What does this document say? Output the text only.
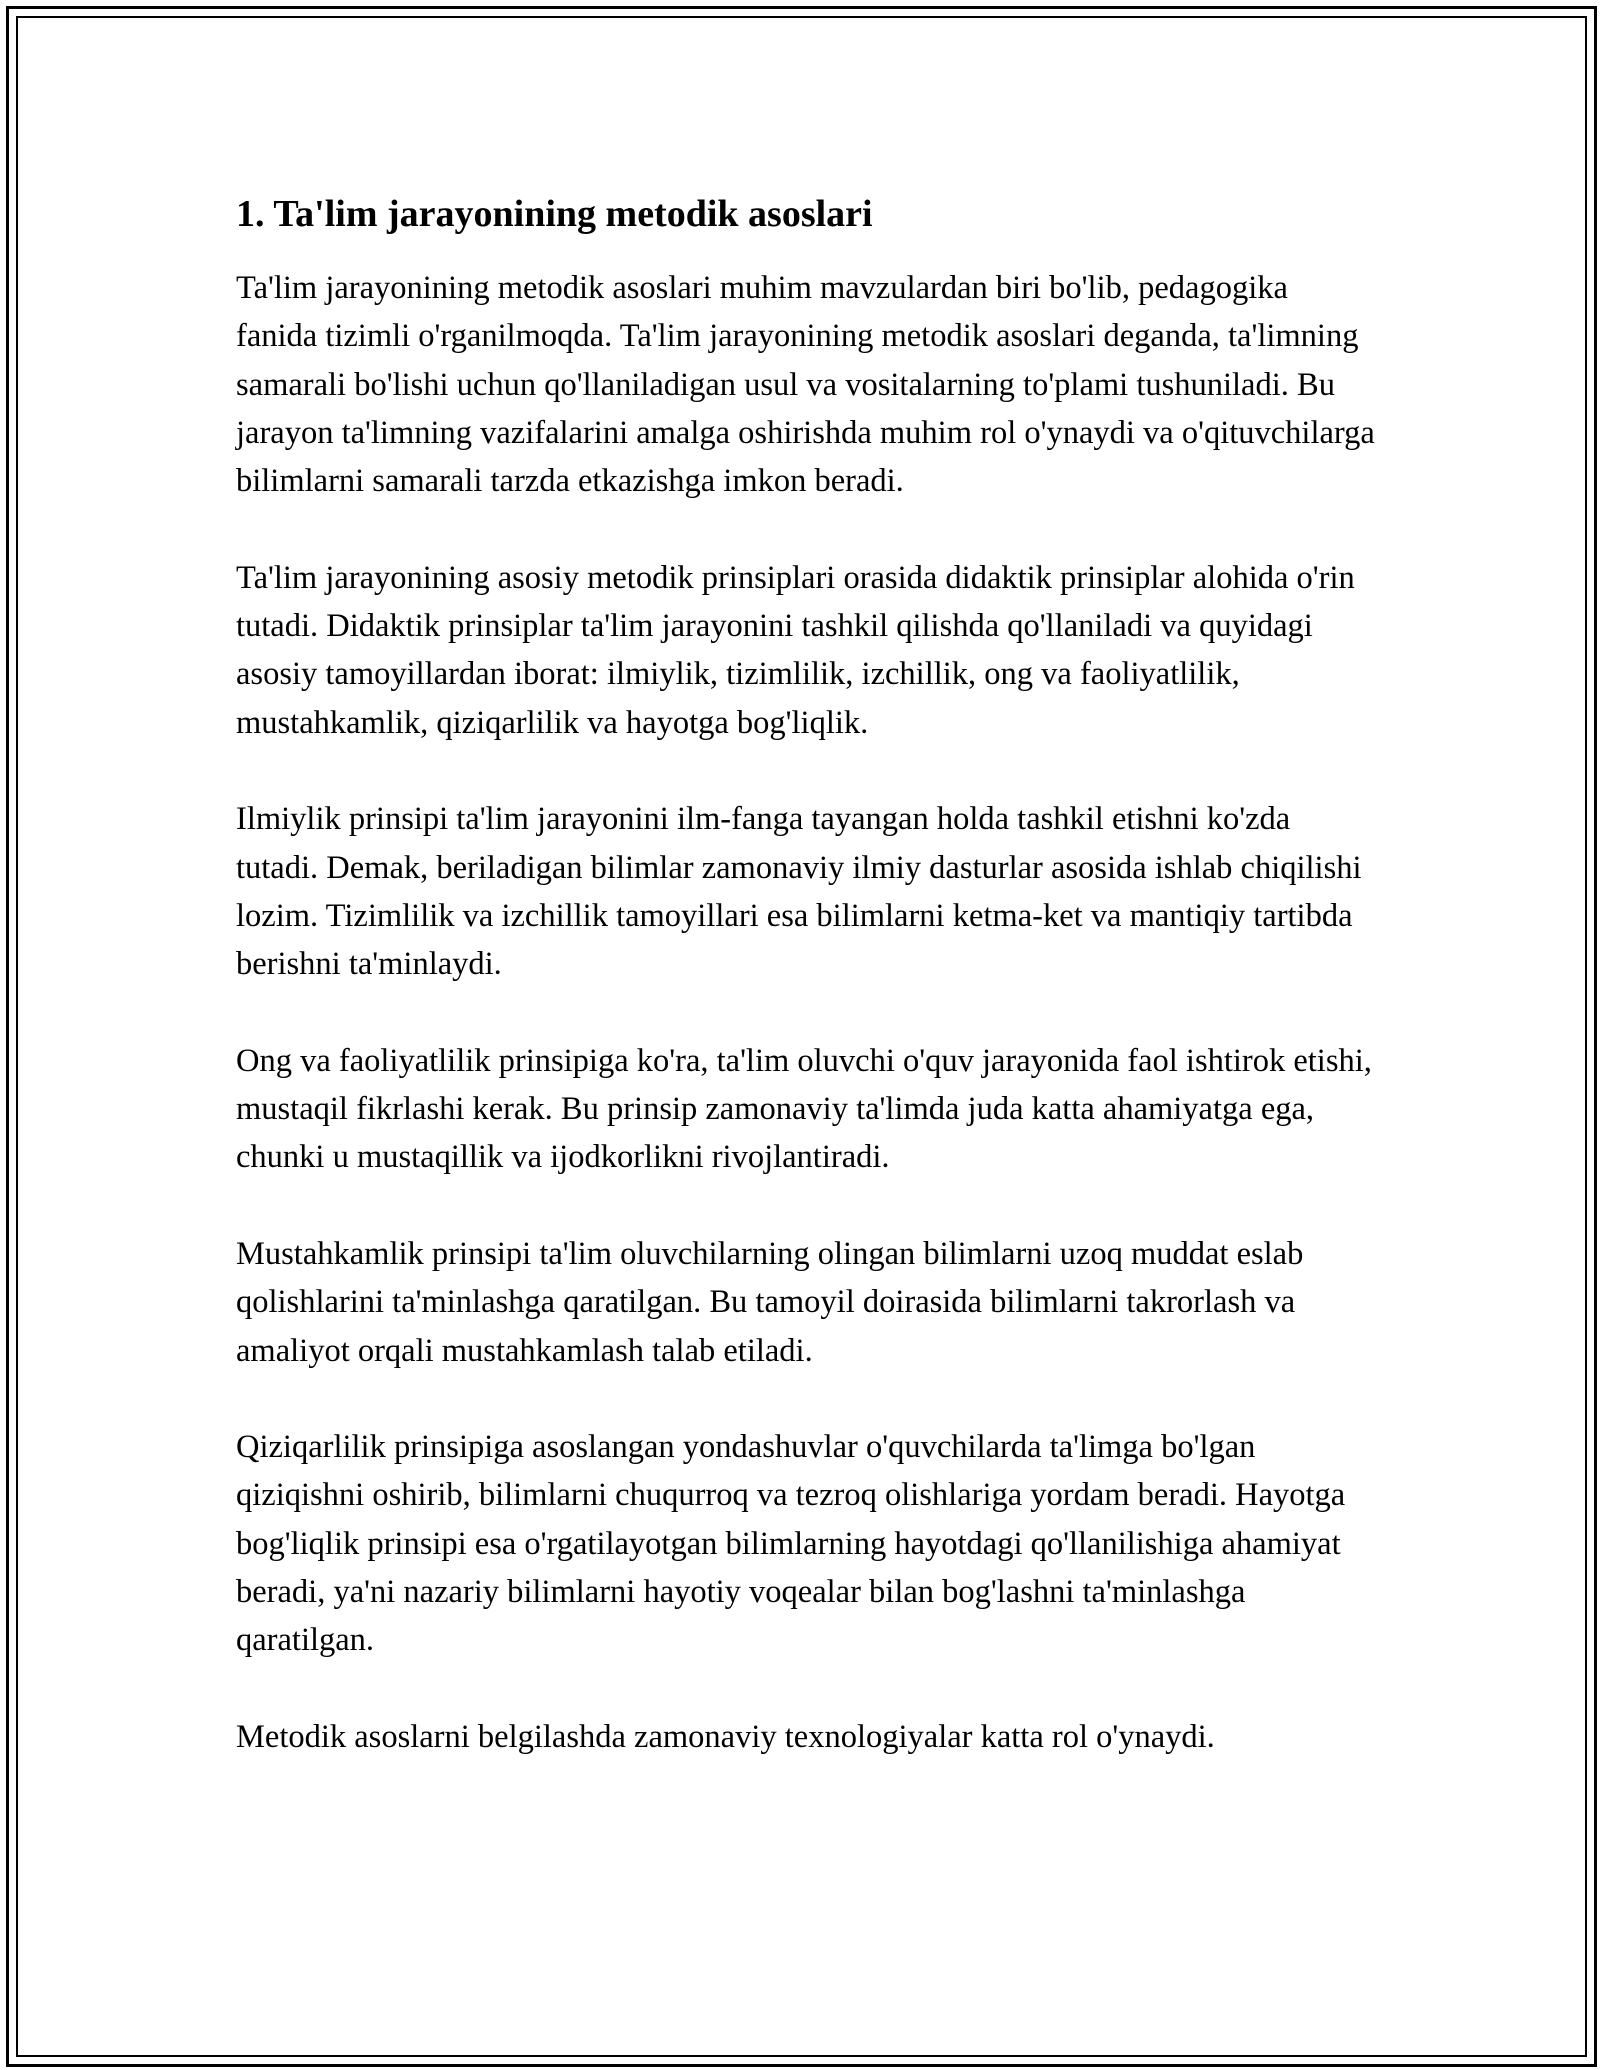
1. Ta'lim jarayonining metodik asoslari

Ta'lim jarayonining metodik asoslari muhim mavzulardan biri bo'lib, pedagogika fanida tizimli o'rganilmoqda. Ta'lim jarayonining metodik asoslari deganda, ta'limning samarali bo'lishi uchun qo'llaniladigan usul va vositalarning to'plami tushuniladi. Bu jarayon ta'limning vazifalarini amalga oshirishda muhim rol o'ynaydi va o'qituvchilarga bilimlarni samarali tarzda etkazishga imkon beradi.

Ta'lim jarayonining asosiy metodik prinsiplari orasida didaktik prinsiplar alohida o'rin tutadi. Didaktik prinsiplar ta'lim jarayonini tashkil qilishda qo'llaniladi va quyidagi asosiy tamoyillardan iborat: ilmiylik, tizimlilik, izchillik, ong va faoliyatlilik, mustahkamlik, qiziqarlilik va hayotga bog'liqlik.

Ilmiylik prinsipi ta'lim jarayonini ilm-fanga tayangan holda tashkil etishni ko'zda tutadi. Demak, beriladigan bilimlar zamonaviy ilmiy dasturlar asosida ishlab chiqilishi lozim. Tizimlilik va izchillik tamoyillari esa bilimlarni ketma-ket va mantiqiy tartibda berishni ta'minlaydi.

Ong va faoliyatlilik prinsipiga ko'ra, ta'lim oluvchi o'quv jarayonida faol ishtirok etishi, mustaqil fikrlashi kerak. Bu prinsip zamonaviy ta'limda juda katta ahamiyatga ega, chunki u mustaqillik va ijodkorlikni rivojlantiradi.

Mustahkamlik prinsipi ta'lim oluvchilarning olingan bilimlarni uzoq muddat eslab qolishlarini ta'minlashga qaratilgan. Bu tamoyil doirasida bilimlarni takrorlash va amaliyot orqali mustahkamlash talab etiladi.

Qiziqarlilik prinsipiga asoslangan yondashuvlar o'quvchilarda ta'limga bo'lgan qiziqishni oshirib, bilimlarni chuqurroq va tezroq olishlariga yordam beradi. Hayotga bog'liqlik prinsipi esa o'rgatilayotgan bilimlarning hayotdagi qo'llanilishiga ahamiyat beradi, ya'ni nazariy bilimlarni hayotiy voqealar bilan bog'lashni ta'minlashga qaratilgan.

Metodik asoslarni belgilashda zamonaviy texnologiyalar katta rol o'ynaydi.
